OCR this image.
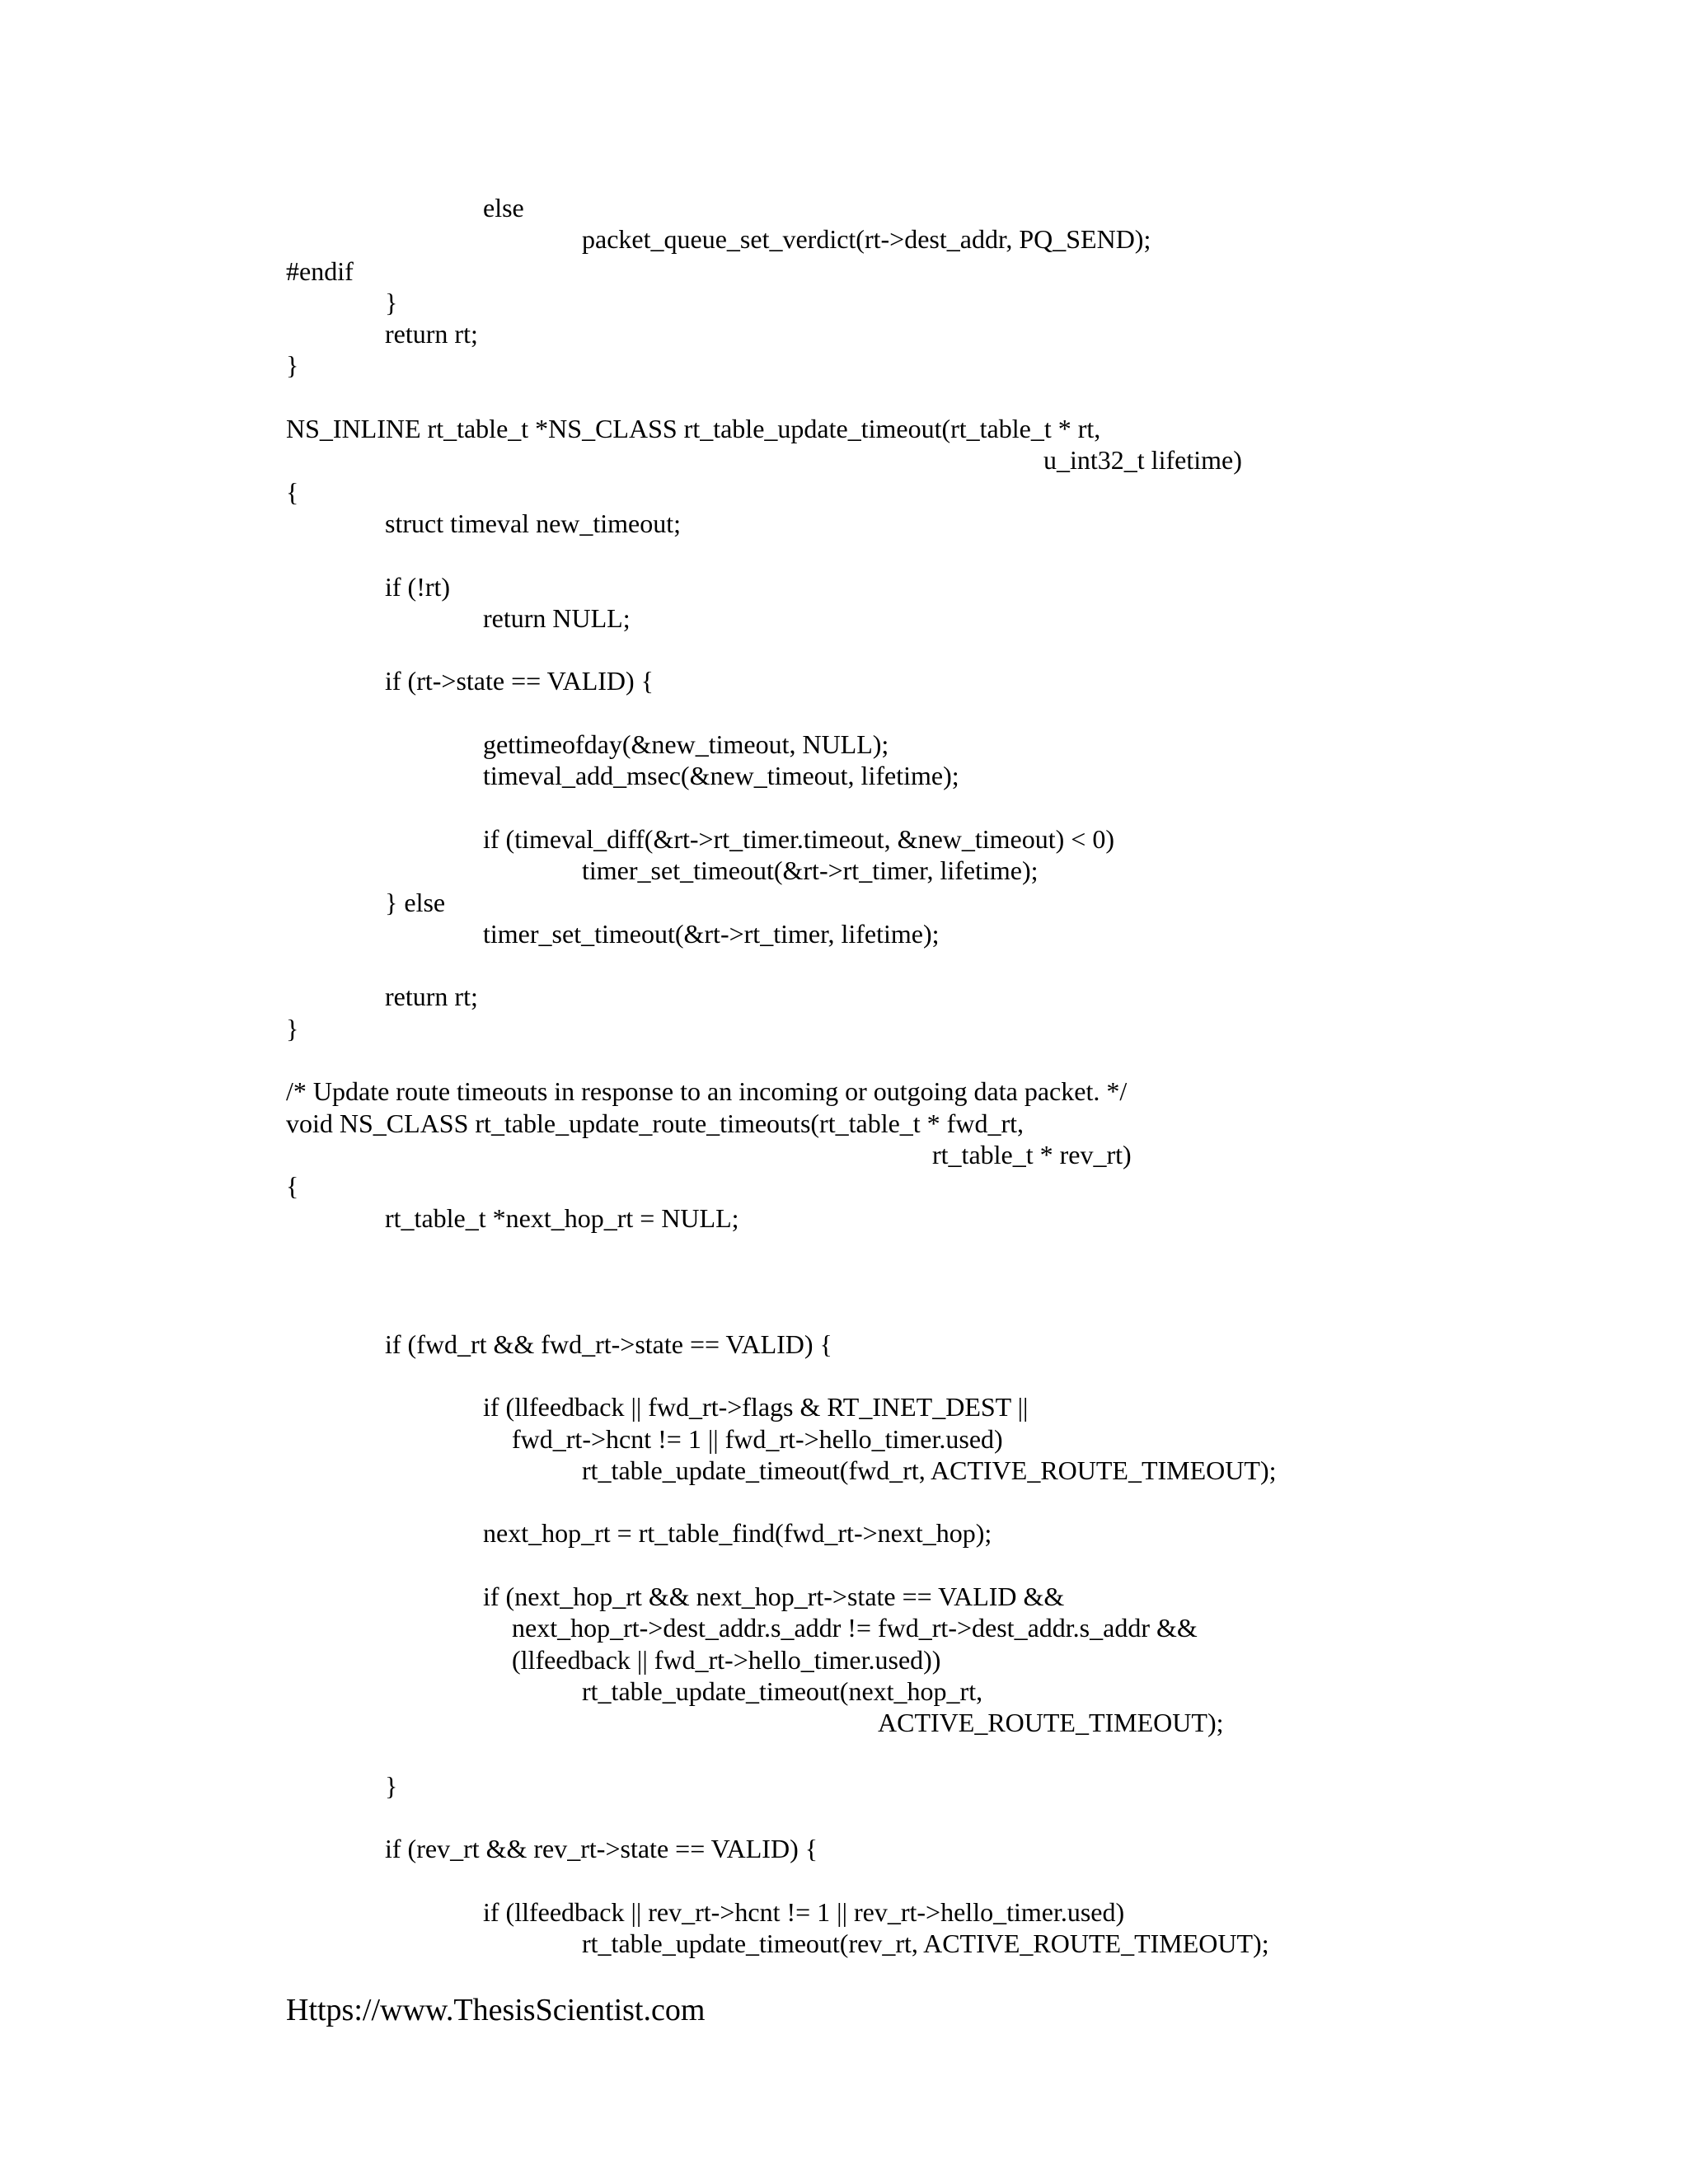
else
packet_queue_set_verdict(rt->dest_addr, PQ_SEND);
#endif
}
return rt;
}
NS_INLINE rt_table_t *NS_CLASS rt_table_update_timeout(rt_table_t * rt,
u_int32_t lifetime)
{
struct timeval new_timeout;
if (!rt)
return NULL;
if (rt->state == VALID) {
gettimeofday(&new_timeout, NULL);
timeval_add_msec(&new_timeout, lifetime);
if (timeval_diff(&rt->rt_timer.timeout, &new_timeout) < 0)
timer_set_timeout(&rt->rt_timer, lifetime);
} else
timer_set_timeout(&rt->rt_timer, lifetime);
return rt;
}
/* Update route timeouts in response to an incoming or outgoing data packet. */
void NS_CLASS rt_table_update_route_timeouts(rt_table_t * fwd_rt,
rt_table_t * rev_rt)
{
rt_table_t *next_hop_rt = NULL;
if (fwd_rt && fwd_rt->state == VALID) {
if (llfeedback || fwd_rt->flags & RT_INET_DEST ||
fwd_rt->hcnt != 1 || fwd_rt->hello_timer.used)
rt_table_update_timeout(fwd_rt, ACTIVE_ROUTE_TIMEOUT);
next_hop_rt = rt_table_find(fwd_rt->next_hop);
if (next_hop_rt && next_hop_rt->state == VALID &&
next_hop_rt->dest_addr.s_addr != fwd_rt->dest_addr.s_addr &&
(llfeedback || fwd_rt->hello_timer.used))
rt_table_update_timeout(next_hop_rt,
ACTIVE_ROUTE_TIMEOUT);
}
if (rev_rt && rev_rt->state == VALID) {
if (llfeedback || rev_rt->hcnt != 1 || rev_rt->hello_timer.used)
rt_table_update_timeout(rev_rt, ACTIVE_ROUTE_TIMEOUT);
Https://www.ThesisScientist.com
